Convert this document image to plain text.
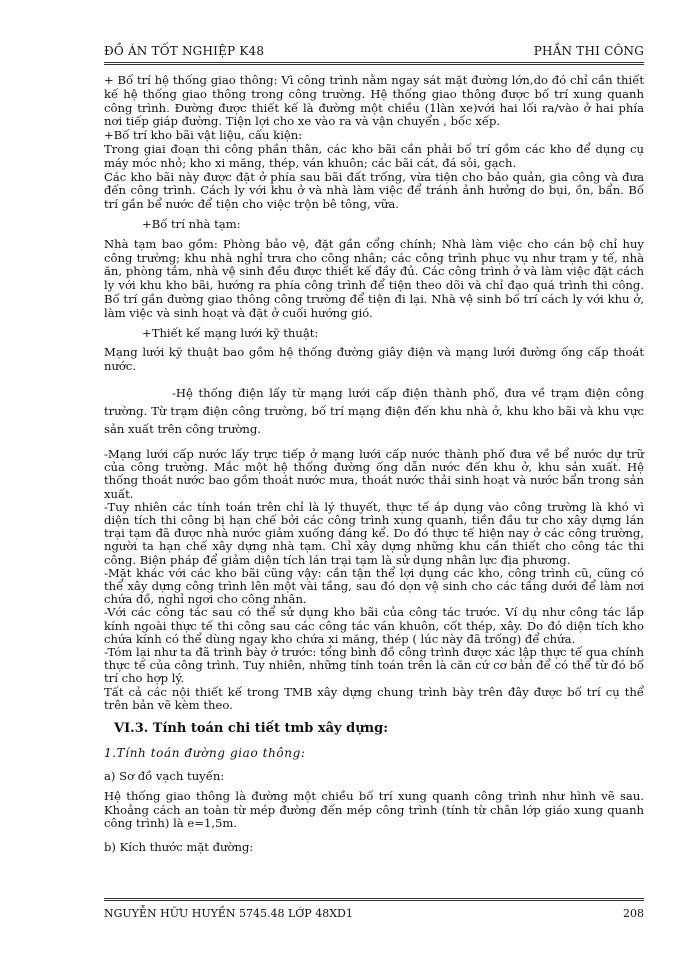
ĐỒ ÁN TỐT NGHIỆP K48	PHẦN THI CÔNG

+ Bố trí hệ thống giao thông: Vì công trình nằm ngay sát mặt đường lớn,do đó chỉ cần thiết kế hệ thống giao thông trong công trường. Hệ thống giao thông được bố trí xung quanh công trình. Đường được thiết kế là đường một chiều (1làn xe)với hai lối ra/vào ở hai phía nơi tiếp giáp đường. Tiện lợi cho xe vào ra và vận chuyển , bốc xếp.

+Bố trí kho bãi vật liệu, cấu kiện:

Trong giai đoạn thi công phần thân, các kho bãi cần phải bố trí gồm các kho để dụng cụ máy móc nhỏ; kho xi măng, thép, ván khuôn; các bãi cát, đá sỏi, gạch.

Các kho bãi này được đặt ở phía sau bãi đất trống, vừa tiện cho bảo quản, gia công và đưa đến công trình. Cách ly với khu ở và nhà làm việc để tránh ảnh hưởng do bụi, ồn, bẩn. Bố trí gần bể nước để tiện cho việc trộn bê tông, vữa.

+Bố trí nhà tạm:

Nhà tạm bao gồm: Phòng bảo vệ, đặt gần cổng chính; Nhà làm việc cho cán bộ chỉ huy công trường; khu nhà nghỉ trưa cho công nhân; các công trình phục vụ như trạm y tế, nhà ăn, phòng tắm, nhà vệ sinh đều được thiết kế đầy đủ. Các công trình ở và làm việc đặt cách ly với khu kho bãi, hướng ra phía công trình để tiện theo dõi và chỉ đạo quá trình thi công. Bố trí gần đường giao thông công trường để tiện đi lại. Nhà vệ sinh bố trí cách ly với khu ở, làm việc và sinh hoạt và đặt ở cuối hướng gió.

+Thiết kế mạng lưới kỹ thuật:

Mạng lưới kỹ thuật bao gồm hệ thống đường giây điện và mạng lưới đường ống cấp thoát nước.

-Hệ thống điện lấy từ mạng lưới cấp điện thành phố, đưa về trạm điện công trường. Từ trạm điện công trường, bố trí mạng điện đến khu nhà ở, khu kho bãi và khu vực sản xuất trên công trường.

-Mạng lưới cấp nước lấy trực tiếp ở mạng lưới cấp nước thành phố đưa về bể nước dự trữ của công trường. Mắc một hệ thống đường ống dẫn nước đến khu ở, khu sản xuất. Hệ thống thoát nước bao gồm thoát nước mưa, thoát nước thải sinh hoạt và nước bẩn trong sản xuất.

-Tuy nhiên các tính toán trên chỉ là lý thuyết, thực tế áp dụng vào công trường là khó vì diện tích thi công bị hạn chế bởi các công trình xung quanh, tiền đầu tư cho xây dựng lán trại tạm đã được nhà nước giảm xuống đáng kể. Do đó thực tế hiện nay ở các công trường, người ta hạn chế xây dựng nhà tạm. Chỉ xây dựng những khu cần thiết cho công tác thi công. Biện pháp để giảm diện tích lán trại tạm là sử dụng nhân lực địa phương.

-Mặt khác với các kho bãi cũng vậy: cần tận thể lợi dụng các kho, công trình cũ, cũng có thể xây dựng công trình lên một vài tầng, sau đó dọn vệ sinh cho các tầng dưới để làm nơi chứa đồ, nghỉ ngơi cho công nhân.

-Với các công tác sau có thể sử dụng kho bãi của công tác trước. Ví dụ như công tác lắp kính ngoài thực tế thi công sau các công tác ván khuôn, cốt thép, xây. Do đó diện tích kho chứa kính có thể dùng ngay kho chứa xi măng, thép ( lúc này đã trống) để chứa.

-Tóm lại như ta đã trình bày ở trước: tổng bình đồ công trình được xác lập thực tế qua chính thực tế của công trình. Tuy nhiên, những tính toán trên là căn cứ cơ bản để có thể từ đó bố trí cho hợp lý.

Tất cả các nội thiết kế trong TMB xây dựng chung trình bày trên đây được bố trí cụ thể trên bản vẽ kèm theo.

VI.3. Tính toán chi tiết tmb xây dựng:
1.Tính toán đường giao thông:

a) Sơ đồ vạch tuyến:

Hệ thống giao thông là đường một chiều bố trí xung quanh công trình như hình vẽ sau. Khoảng cách an toàn từ mép đường đến mép công trình (tính từ chân lớp giáo xung quanh công trình) là e=1,5m.

b) Kích thước mặt đường:

NGUYỄN HỮU HUYỀN 5745.48 LỚP 48XD1	208
